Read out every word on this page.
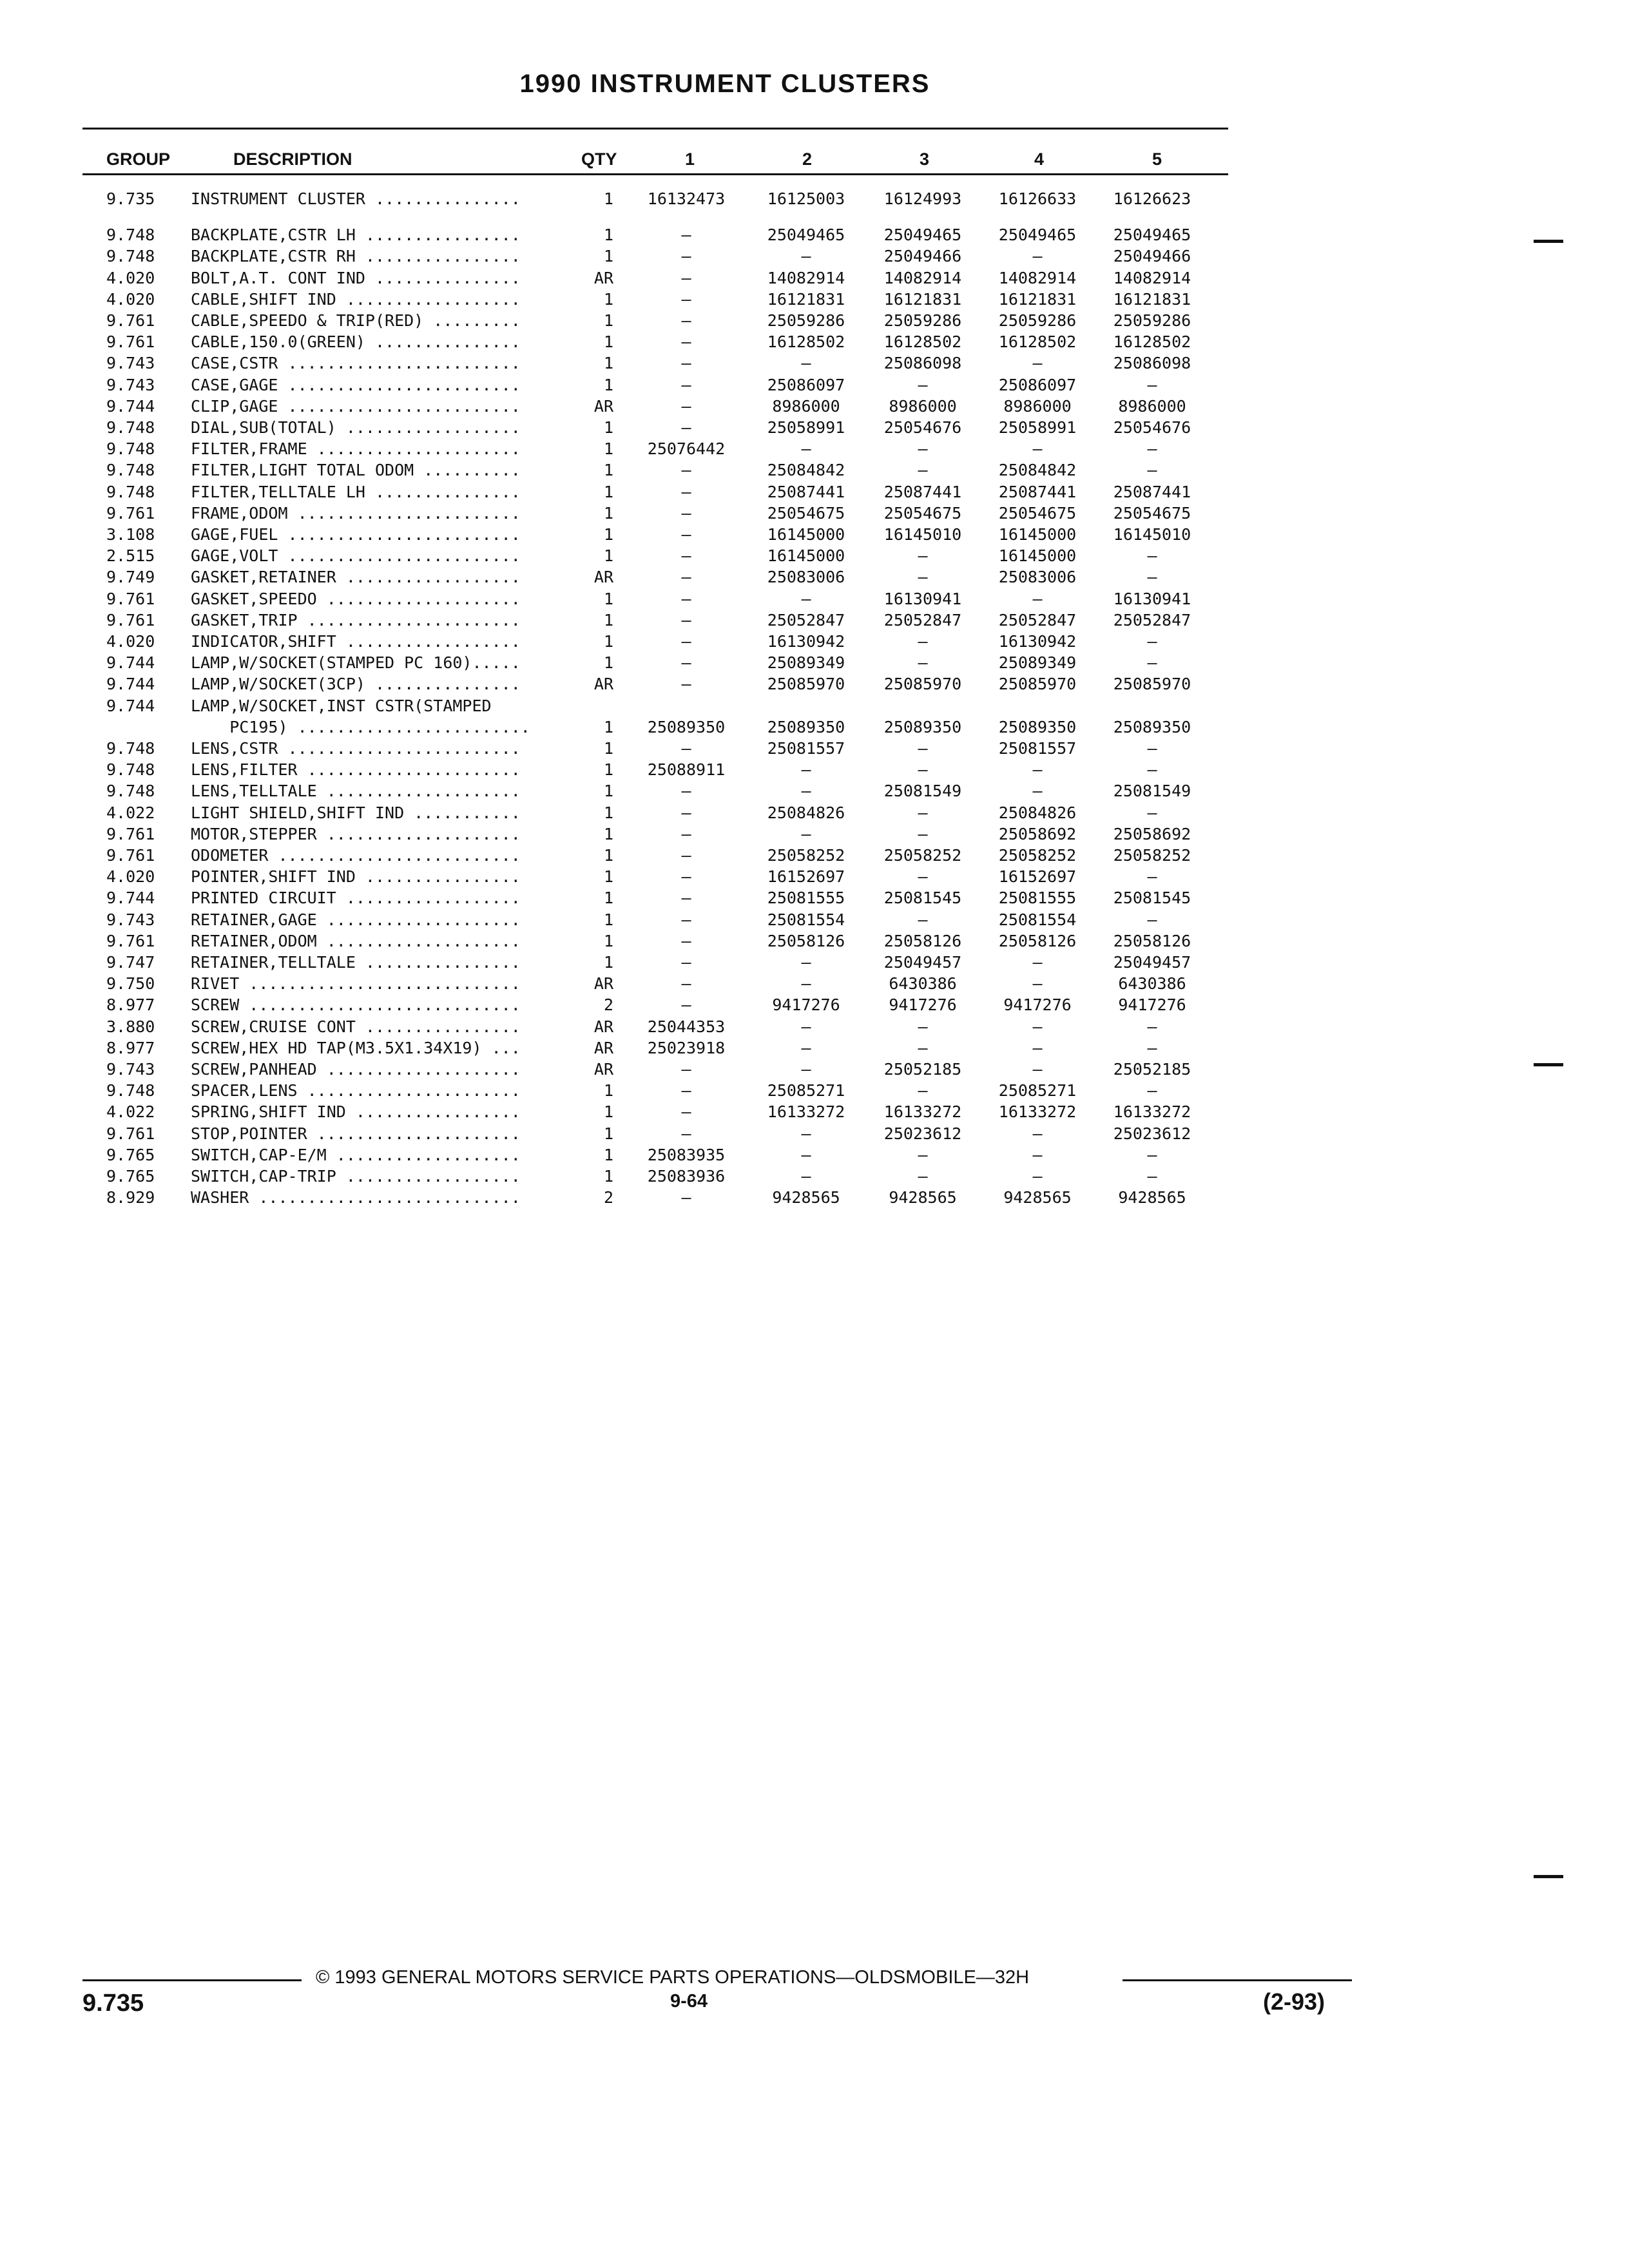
1990 INSTRUMENT CLUSTERS
GROUP	DESCRIPTION	QTY	1	2	3	4	5
9.735 INSTRUMENT CLUSTER ...............	1	16132473	16125003	16124993	16126633	16126623
9.748 BACKPLATE,CSTR LH ................	1	—	25049465	25049465	25049465	25049465
9.748 BACKPLATE,CSTR RH ................	1	—	—	25049466	—	25049466
4.020 BOLT,A.T. CONT IND ...............	AR	—	14082914	14082914	14082914	14082914
4.020 CABLE,SHIFT IND ..................	1	—	16121831	16121831	16121831	16121831
9.761 CABLE,SPEEDO & TRIP(RED) .........	1	—	25059286	25059286	25059286	25059286
9.761 CABLE,150.0(GREEN) ...............	1	—	16128502	16128502	16128502	16128502
9.743 CASE,CSTR ........................	1	—	—	25086098	—	25086098
9.743 CASE,GAGE ........................	1	—	25086097	—	25086097	—
9.744 CLIP,GAGE ........................	AR	—	8986000	8986000	8986000	8986000
9.748 DIAL,SUB(TOTAL) ..................	1	—	25058991	25054676	25058991	25054676
9.748 FILTER,FRAME .....................	1	25076442	—	—	—	—
9.748 FILTER,LIGHT TOTAL ODOM ..........	1	—	25084842	—	25084842	—
9.748 FILTER,TELLTALE LH ...............	1	—	25087441	25087441	25087441	25087441
9.761 FRAME,ODOM .......................	1	—	25054675	25054675	25054675	25054675
3.108 GAGE,FUEL ........................	1	—	16145000	16145010	16145000	16145010
2.515 GAGE,VOLT ........................	1	—	16145000	—	16145000	—
9.749 GASKET,RETAINER ..................	AR	—	25083006	—	25083006	—
9.761 GASKET,SPEEDO ....................	1	—	—	16130941	—	16130941
9.761 GASKET,TRIP ......................	1	—	25052847	25052847	25052847	25052847
4.020 INDICATOR,SHIFT ..................	1	—	16130942	—	16130942	—
9.744 LAMP,W/SOCKET(STAMPED PC 160).....	1	—	25089349	—	25089349	—
9.744 LAMP,W/SOCKET(3CP) ...............	AR	—	25085970	25085970	25085970	25085970
9.744 LAMP,W/SOCKET,INST CSTR(STAMPED
PC195) ........................	1	25089350	25089350	25089350	25089350	25089350
9.748 LENS,CSTR ........................	1	—	25081557	—	25081557	—
9.748 LENS,FILTER ......................	1	25088911	—	—	—	—
9.748 LENS,TELLTALE ....................	1	—	—	25081549	—	25081549
4.022 LIGHT SHIELD,SHIFT IND ...........	1	—	25084826	—	25084826	—
9.761 MOTOR,STEPPER ....................	1	—	—	—	25058692	25058692
9.761 ODOMETER .........................	1	—	25058252	25058252	25058252	25058252
4.020 POINTER,SHIFT IND ................	1	—	16152697	—	16152697	—
9.744 PRINTED CIRCUIT ..................	1	—	25081555	25081545	25081555	25081545
9.743 RETAINER,GAGE ....................	1	—	25081554	—	25081554	—
9.761 RETAINER,ODOM ....................	1	—	25058126	25058126	25058126	25058126
9.747 RETAINER,TELLTALE ................	1	—	—	25049457	—	25049457
9.750 RIVET ............................	AR	—	—	6430386	—	6430386
8.977 SCREW ............................	2	—	9417276	9417276	9417276	9417276
3.880 SCREW,CRUISE CONT ................	AR	25044353	—	—	—	—
8.977 SCREW,HEX HD TAP(M3.5X1.34X19) ...	AR	25023918	—	—	—	—
9.743 SCREW,PANHEAD ....................	AR	—	—	25052185	—	25052185
9.748 SPACER,LENS ......................	1	—	25085271	—	25085271	—
4.022 SPRING,SHIFT IND .................	1	—	16133272	16133272	16133272	16133272
9.761 STOP,POINTER .....................	1	—	—	25023612	—	25023612
9.765 SWITCH,CAP-E/M ...................	1	25083935	—	—	—	—
9.765 SWITCH,CAP-TRIP ..................	1	25083936	—	—	—	—
8.929 WASHER ...........................	2	—	9428565	9428565	9428565	9428565
© 1993 GENERAL MOTORS SERVICE PARTS OPERATIONS—OLDSMOBILE—32H
9.735	9-64	(2-93)
